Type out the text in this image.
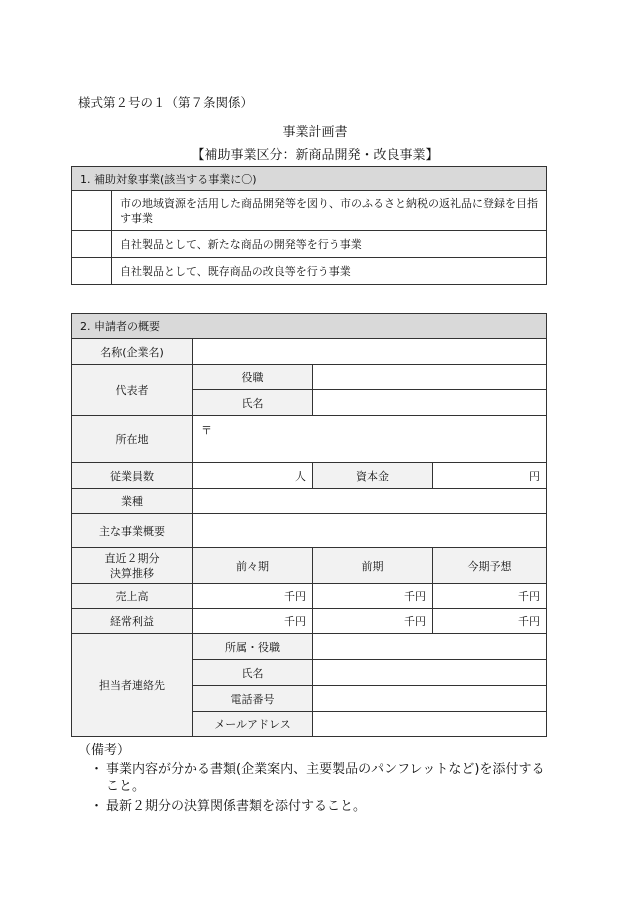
様式第２号の１（第７条関係）
事業計画書
【補助事業区分：新商品開発・改良事業】
1. 補助対象事業(該当する事業に〇)	
	市の地域資源を活用した商品開発等を図り、市のふるさと納税の返礼品に登録を目指す事業
	自社製品として、新たな商品の開発等を行う事業
	自社製品として、既存商品の改良等を行う事業
2. 申請者の概要			
名称(企業名)			
代表者	役職		
	氏名		
所在地	〒		
従業員数	人	資本金	円
業種			
主な事業概要			

直近２期分
決算推移	前々期	前期	今期予想
売上高	千円	千円	千円
経常利益	千円	千円	千円
担当者連絡先	所属・役職		
	氏名		
	電話番号		
	メールアドレス		
（備考）
・ 事業内容が分かる書類(企業案内、主要製品のパンフレットなど)を添付すること。
・ 最新２期分の決算関係書類を添付すること。
